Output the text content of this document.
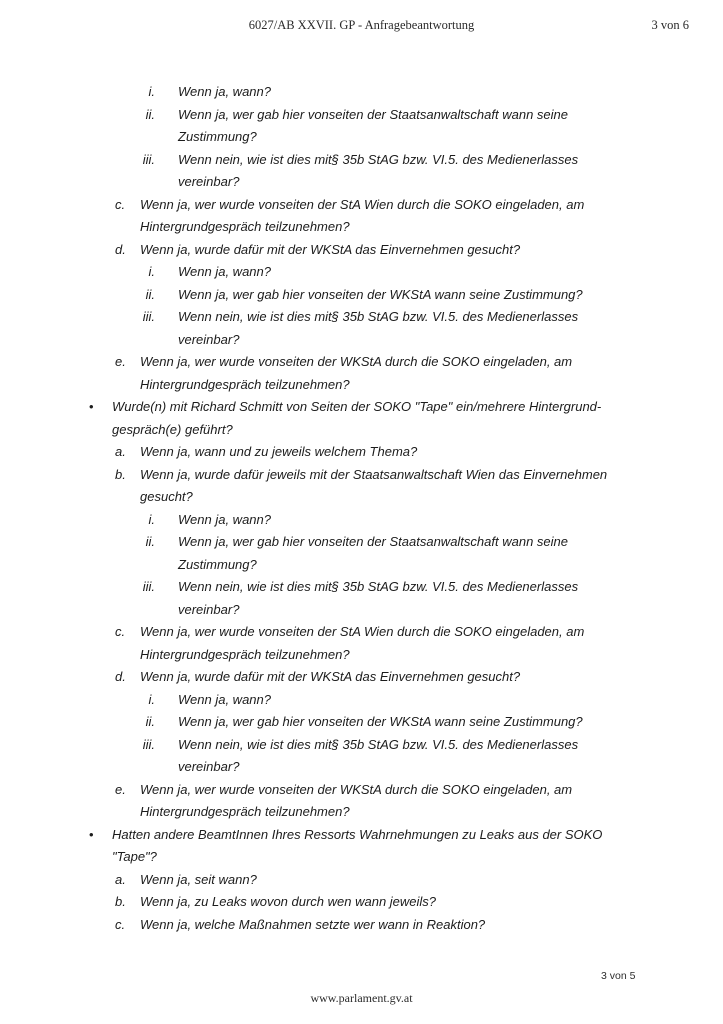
6027/AB XXVII. GP - Anfragebeantwortung	3 von 6
i. Wenn ja, wann?
ii. Wenn ja, wer gab hier vonseiten der Staatsanwaltschaft wann seine Zustimmung?
iii. Wenn nein, wie ist dies mit§ 35b StAG bzw. VI.5. des Medienerlasses vereinbar?
c.	Wenn ja, wer wurde vonseiten der StA Wien durch die SOKO eingeladen, am Hintergrundgespräch teilzunehmen?
d.	Wenn ja, wurde dafür mit der WKStA das Einvernehmen gesucht?
i. Wenn ja, wann?
ii. Wenn ja, wer gab hier vonseiten der WKStA wann seine Zustimmung?
iii. Wenn nein, wie ist dies mit§ 35b StAG bzw. VI.5. des Medienerlasses vereinbar?
e.	Wenn ja, wer wurde vonseiten der WKStA durch die SOKO eingeladen, am Hintergrundgespräch teilzunehmen?
•	Wurde(n) mit Richard Schmitt von Seiten der SOKO "Tape" ein/mehrere Hintergrund-gespräch(e) geführt?
a.	Wenn ja, wann und zu jeweils welchem Thema?
b.	Wenn ja, wurde dafür jeweils mit der Staatsanwaltschaft Wien das Einvernehmen gesucht?
i. Wenn ja, wann?
ii. Wenn ja, wer gab hier vonseiten der Staatsanwaltschaft wann seine Zustimmung?
iii. Wenn nein, wie ist dies mit§ 35b StAG bzw. VI.5. des Medienerlasses vereinbar?
c.	Wenn ja, wer wurde vonseiten der StA Wien durch die SOKO eingeladen, am Hintergrundgespräch teilzunehmen?
d.	Wenn ja, wurde dafür mit der WKStA das Einvernehmen gesucht?
i. Wenn ja, wann?
ii. Wenn ja, wer gab hier vonseiten der WKStA wann seine Zustimmung?
iii. Wenn nein, wie ist dies mit§ 35b StAG bzw. VI.5. des Medienerlasses vereinbar?
e.	Wenn ja, wer wurde vonseiten der WKStA durch die SOKO eingeladen, am Hintergrundgespräch teilzunehmen?
•	Hatten andere BeamtInnen Ihres Ressorts Wahrnehmungen zu Leaks aus der SOKO "Tape"?
a.	Wenn ja, seit wann?
b.	Wenn ja, zu Leaks wovon durch wen wann jeweils?
c.	Wenn ja, welche Maßnahmen setzte wer wann in Reaktion?
3 von 5
www.parlament.gv.at
